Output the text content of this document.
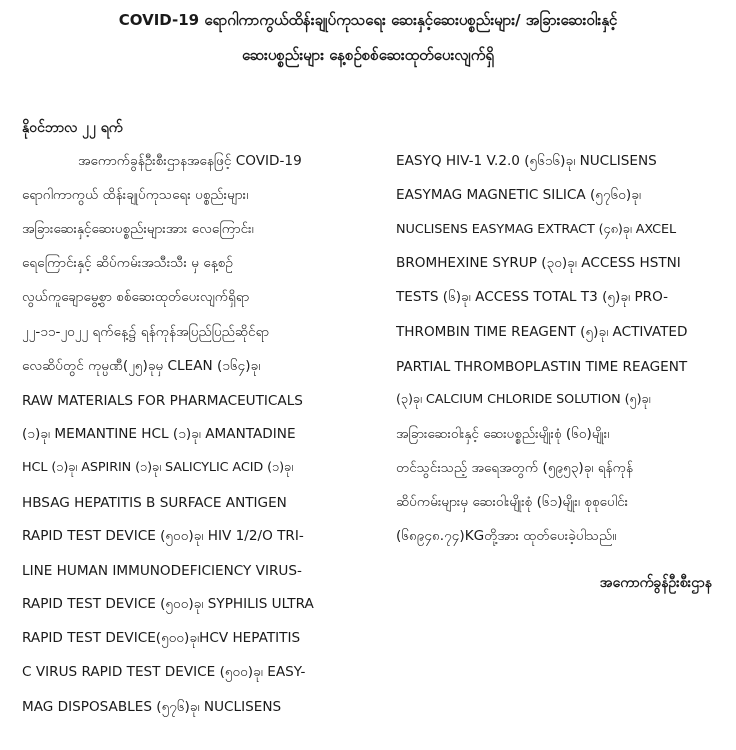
COVID-19 ရောဂါကာကွယ်ထိန်းချုပ်ကုသရေး ဆေးနှင့်ဆေးပစ္စည်းများ/ အခြားဆေးဝါးနှင့်
ဆေးပစ္စည်းများ နေ့စဉ်စစ်ဆေးထုတ်ပေးလျက်ရှိ
နိုဝင်ဘာလ ၂၂ ရက်
အကောက်ခွန်ဦးစီးဌာနအနေဖြင့် COVID-19
ရောဂါကာကွယ် ထိန်းချုပ်ကုသရေး ပစ္စည်းများ၊
အခြားဆေးနှင့်ဆေးပစ္စည်းများအား လေကြောင်း၊
ရေကြောင်းနှင့် ဆိပ်ကမ်းအသီးသီး မှ နေ့စဉ်
လွယ်ကူချောမွေ့စွာ စစ်ဆေးထုတ်ပေးလျက်ရှိရာ
၂၂-၁၁-၂၀၂၂ ရက်နေ့၌ ရန်ကုန်အပြည်ပြည်ဆိုင်ရာ
လေဆိပ်တွင် ကုမ္ပဏီ(၂၅)ခုမှ CLEAN (၁၆၄)ခု၊
RAW MATERIALS FOR PHARMACEUTICALS
(၁)ခု၊ MEMANTINE HCL (၁)ခု၊ AMANTADINE
HCL (၁)ခု၊ ASPIRIN (၁)ခု၊ SALICYLIC ACID (၁)ခု၊
HBSAG HEPATITIS B SURFACE ANTIGEN
RAPID TEST DEVICE (၅၀၀)ခု၊ HIV 1/2/O TRI-
LINE HUMAN IMMUNODEFICIENCY VIRUS-
RAPID TEST DEVICE (၅၀၀)ခု၊ SYPHILIS ULTRA
RAPID TEST DEVICE(၅၀၀)ခု၊HCV HEPATITIS
C VIRUS RAPID TEST DEVICE (၅၀၀)ခု၊ EASY-
MAG DISPOSABLES (၅၇၆)ခု၊ NUCLISENS
EASYQ HIV-1 V.2.0 (၅၆၁၆)ခု၊ NUCLISENS
EASYMAG MAGNETIC SILICA (၅၇၆၀)ခု၊
NUCLISENS EASYMAG EXTRACT (၄၈)ခု၊ AXCEL
BROMHEXINE SYRUP (၃၀)ခု၊ ACCESS HSTNI
TESTS (၆)ခု၊ ACCESS TOTAL T3 (၅)ခု၊ PRO-
THROMBIN TIME REAGENT (၅)ခု၊ ACTIVATED
PARTIAL THROMBOPLASTIN TIME REAGENT
(၃)ခု၊ CALCIUM CHLORIDE SOLUTION (၅)ခု၊
အခြားဆေးဝါးနှင့် ဆေးပစ္စည်းမျိုးစုံ (၆၀)မျိုး၊
တင်သွင်းသည့် အရေအတွက် (၅၉၅၃)ခု၊ ရန်ကုန်
ဆိပ်ကမ်းများမှ ဆေးဝါးမျိုးစုံ (၆၁)မျိုး၊ စုစုပေါင်း
(၆၈၉၄၈.၇၄)KGတို့အား ထုတ်ပေးခဲ့ပါသည်။
အကောက်ခွန်ဦးစီးဌာန
